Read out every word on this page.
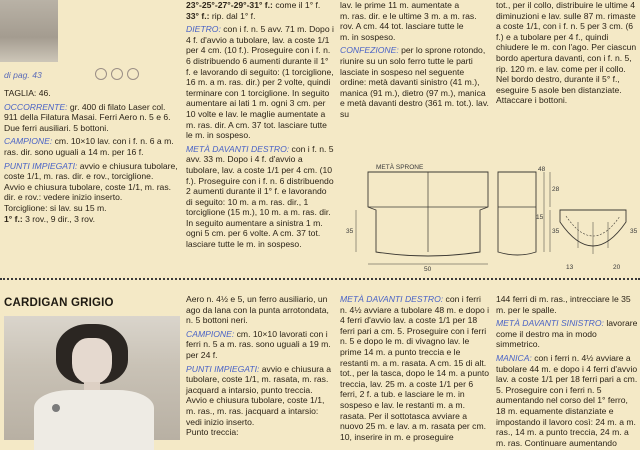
di pag. 43

TAGLIA: 46.

OCCORRENTE: gr. 400 di filato Laser col. 911 della Filatura Masai. Ferri Aero n. 5 e 6. Due ferri ausiliari. 5 bottoni.

CAMPIONE: cm. 10×10 lav. con i f. n. 6 a m. ras. dir. sono uguali a 14 m. per 16 f.

PUNTI IMPIEGATI: avvio e chiusura tubolare, coste 1/1, m. ras. dir. e rov., torciglione.

Avvio e chiusura tubolare, coste 1/1, m. ras. dir. e rov.: vedere inizio inserto.

Torciglione: si lav. su 15 m.

1° f.: 3 rov., 9 dir., 3 rov.

23°-25°-27°-29°-31° f.: come il 1° f.

33° f.: rip. dal 1° f.

DIETRO: con i f. n. 5 avv. 71 m. Dopo i 4 f. d'avvio a tubolare, lav. a coste 1/1 per 4 cm. (10 f.). Proseguire con i f. n. 6 distribuendo 6 aumenti durante il 1° f. e lavorando di seguito: (1 torciglione, 16 m. a m. ras. dir.) per 2 volte, quindi terminare con 1 torciglione. In seguito aumentare ai lati 1 m. ogni 3 cm. per 10 volte e lav. le maglie aumentate a m. ras. dir. A cm. 37 tot. lasciare tutte le m. in sospeso.

METÀ DAVANTI DESTRO: con i f. n. 5 avv. 33 m. Dopo i 4 f. d'avvio a tubolare, lav. a coste 1/1 per 4 cm. (10 f.). Proseguire con i f. n. 6 distribuendo 2 aumenti durante il 1° f. e lavorando di seguito: 10 m. a m. ras. dir., 1 torciglione (15 m.), 10 m. a m. ras. dir. In seguito aumentare a sinistra 1 m. ogni 5 cm. per 6 volte. A cm. 37 tot. lasciare tutte le m. in sospeso.

lav. le prime 11 m. aumentate a

m. ras. dir. e le ultime 3 m. a m. ras.

rov. A cm. 44 tot. lasciare tutte le

m. in sospeso.

CONFEZIONE: per lo sprone rotondo, riunire su un solo ferro tutte le parti lasciate in sospeso nel seguente ordine: metà davanti sinistro (41 m.), manica (91 m.), dietro (97 m.), manica e metà davanti destro (361 m. tot.). lav. su

tot., per il collo, distribuire le ultime 4 diminuzioni e lav. sulle 87 m. rimaste a coste 1/1, con i f. n. 5 per 3 cm. (6 f.) e a tubolare per 4 f., quindi chiudere le m. con l'ago. Per ciascun bordo apertura davanti, con i f. n. 5, rip. 120 m. e lav. come per il collo. Nel bordo destro, durante il 5° f., eseguire 5 asole ben distanziate. Attaccare i bottoni.

METÀ SPRONE
35
50
48
28
15
35
13	20
35
CARDIGAN GRIGIO	Aero n. 4½ e 5, un ferro ausiliario, un ago da lana con la punta arrotondata, n. 5 bottoni neri.

CAMPIONE: cm. 10×10 lavorati con i ferri n. 5 a m. ras. sono uguali a 19 m. per 24 f.

PUNTI IMPIEGATI: avvio e chiusura a tubolare, coste 1/1, m. rasata, m. ras. jacquard a intarsio, punto treccia.

Avvio e chiusura tubolare, coste 1/1, m. ras., m. ras. jacquard a intarsio: vedi inizio inserto.

Punto treccia:

METÀ DAVANTI DESTRO: con i ferri n. 4½ avviare a tubolare 48 m. e dopo i 4 ferri d'avvio lav. a coste 1/1 per 18 ferri pari a cm. 5. Proseguire con i ferri n. 5 e dopo le m. di vivagno lav. le prime 14 m. a punto treccia e le restanti m. a m. rasata. A cm. 15 di alt. tot., per la tasca, dopo le 14 m. a punto treccia, lav. 25 m. a coste 1/1 per 6 ferri, 2 f. a tub. e lasciare le m. in sospeso e lav. le restanti m. a m. rasata. Per il sottotasca avviare a nuovo 25 m. e lav. a m. rasata per cm. 10, inserire in m. e proseguire

144 ferri di m. ras., intrecciare le 35 m. per le spalle.

METÀ DAVANTI SINISTRO: lavorare come il destro ma in modo simmetrico.

MANICA: con i ferri n. 4½ avviare a tubolare 44 m. e dopo i 4 ferri d'avvio lav. a coste 1/1 per 18 ferri pari a cm. 5. Proseguire con i ferri n. 5 aumentando nel corso del 1° ferro, 18 m. equamente distanziate e impostando il lavoro così: 24 m. a m. ras., 14 m. a punto treccia, 24 m. a m. ras. Continuare aumentando
